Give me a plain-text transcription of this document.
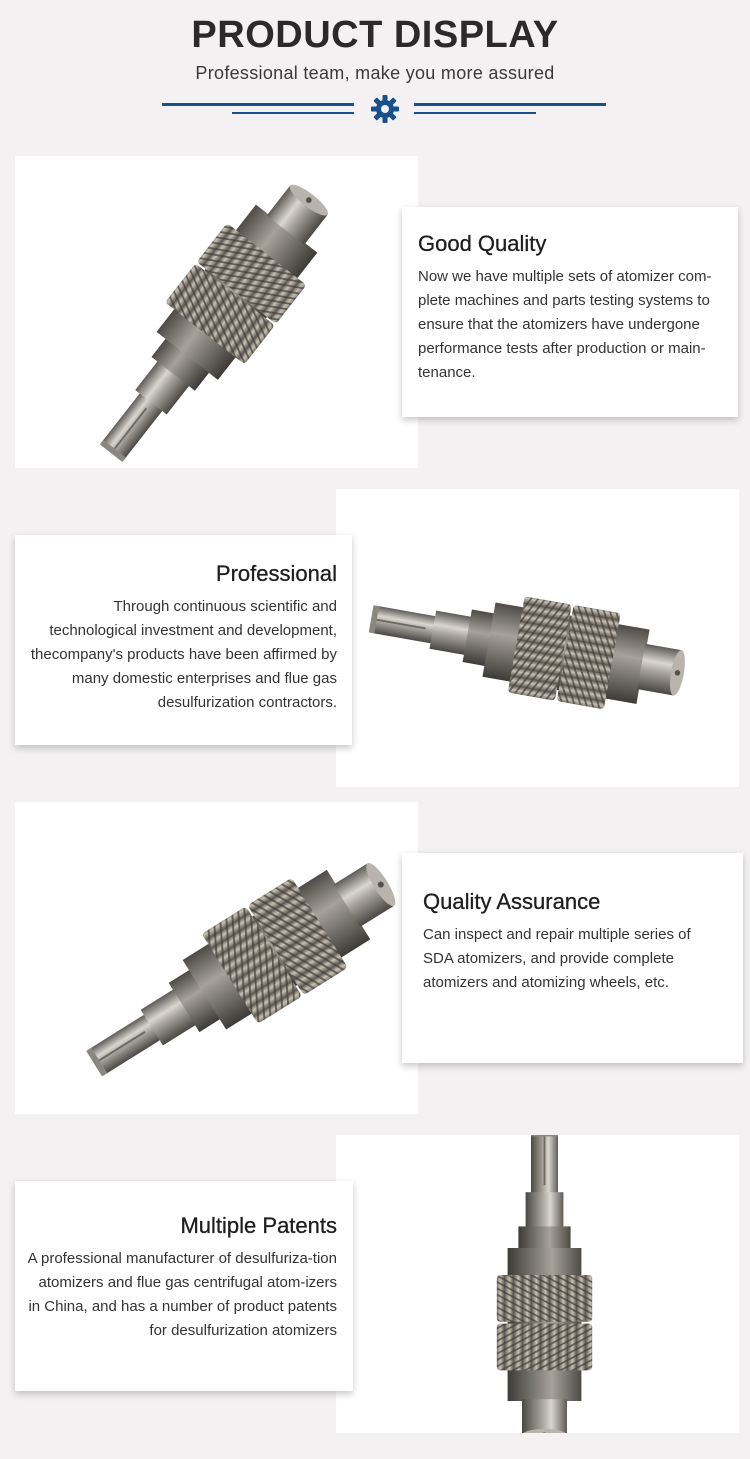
PRODUCT DISPLAY
Professional team, make you more assured
Good Quality

Now we have multiple sets of atomizer com-plete machines and parts testing systems to ensure that the atomizers have undergone performance tests after production or main-tenance.

Professional

Through continuous scientific and technological investment and development, thecompany's products have been affirmed by many domestic enterprises and flue gas desulfurization contractors.

Quality Assurance

Can inspect and repair multiple series of SDA atomizers, and provide complete atomizers and atomizing wheels, etc.

Multiple Patents

A professional manufacturer of desulfuriza-tion atomizers and flue gas centrifugal atom-izers in China, and has a number of product patents for desulfurization atomizers
